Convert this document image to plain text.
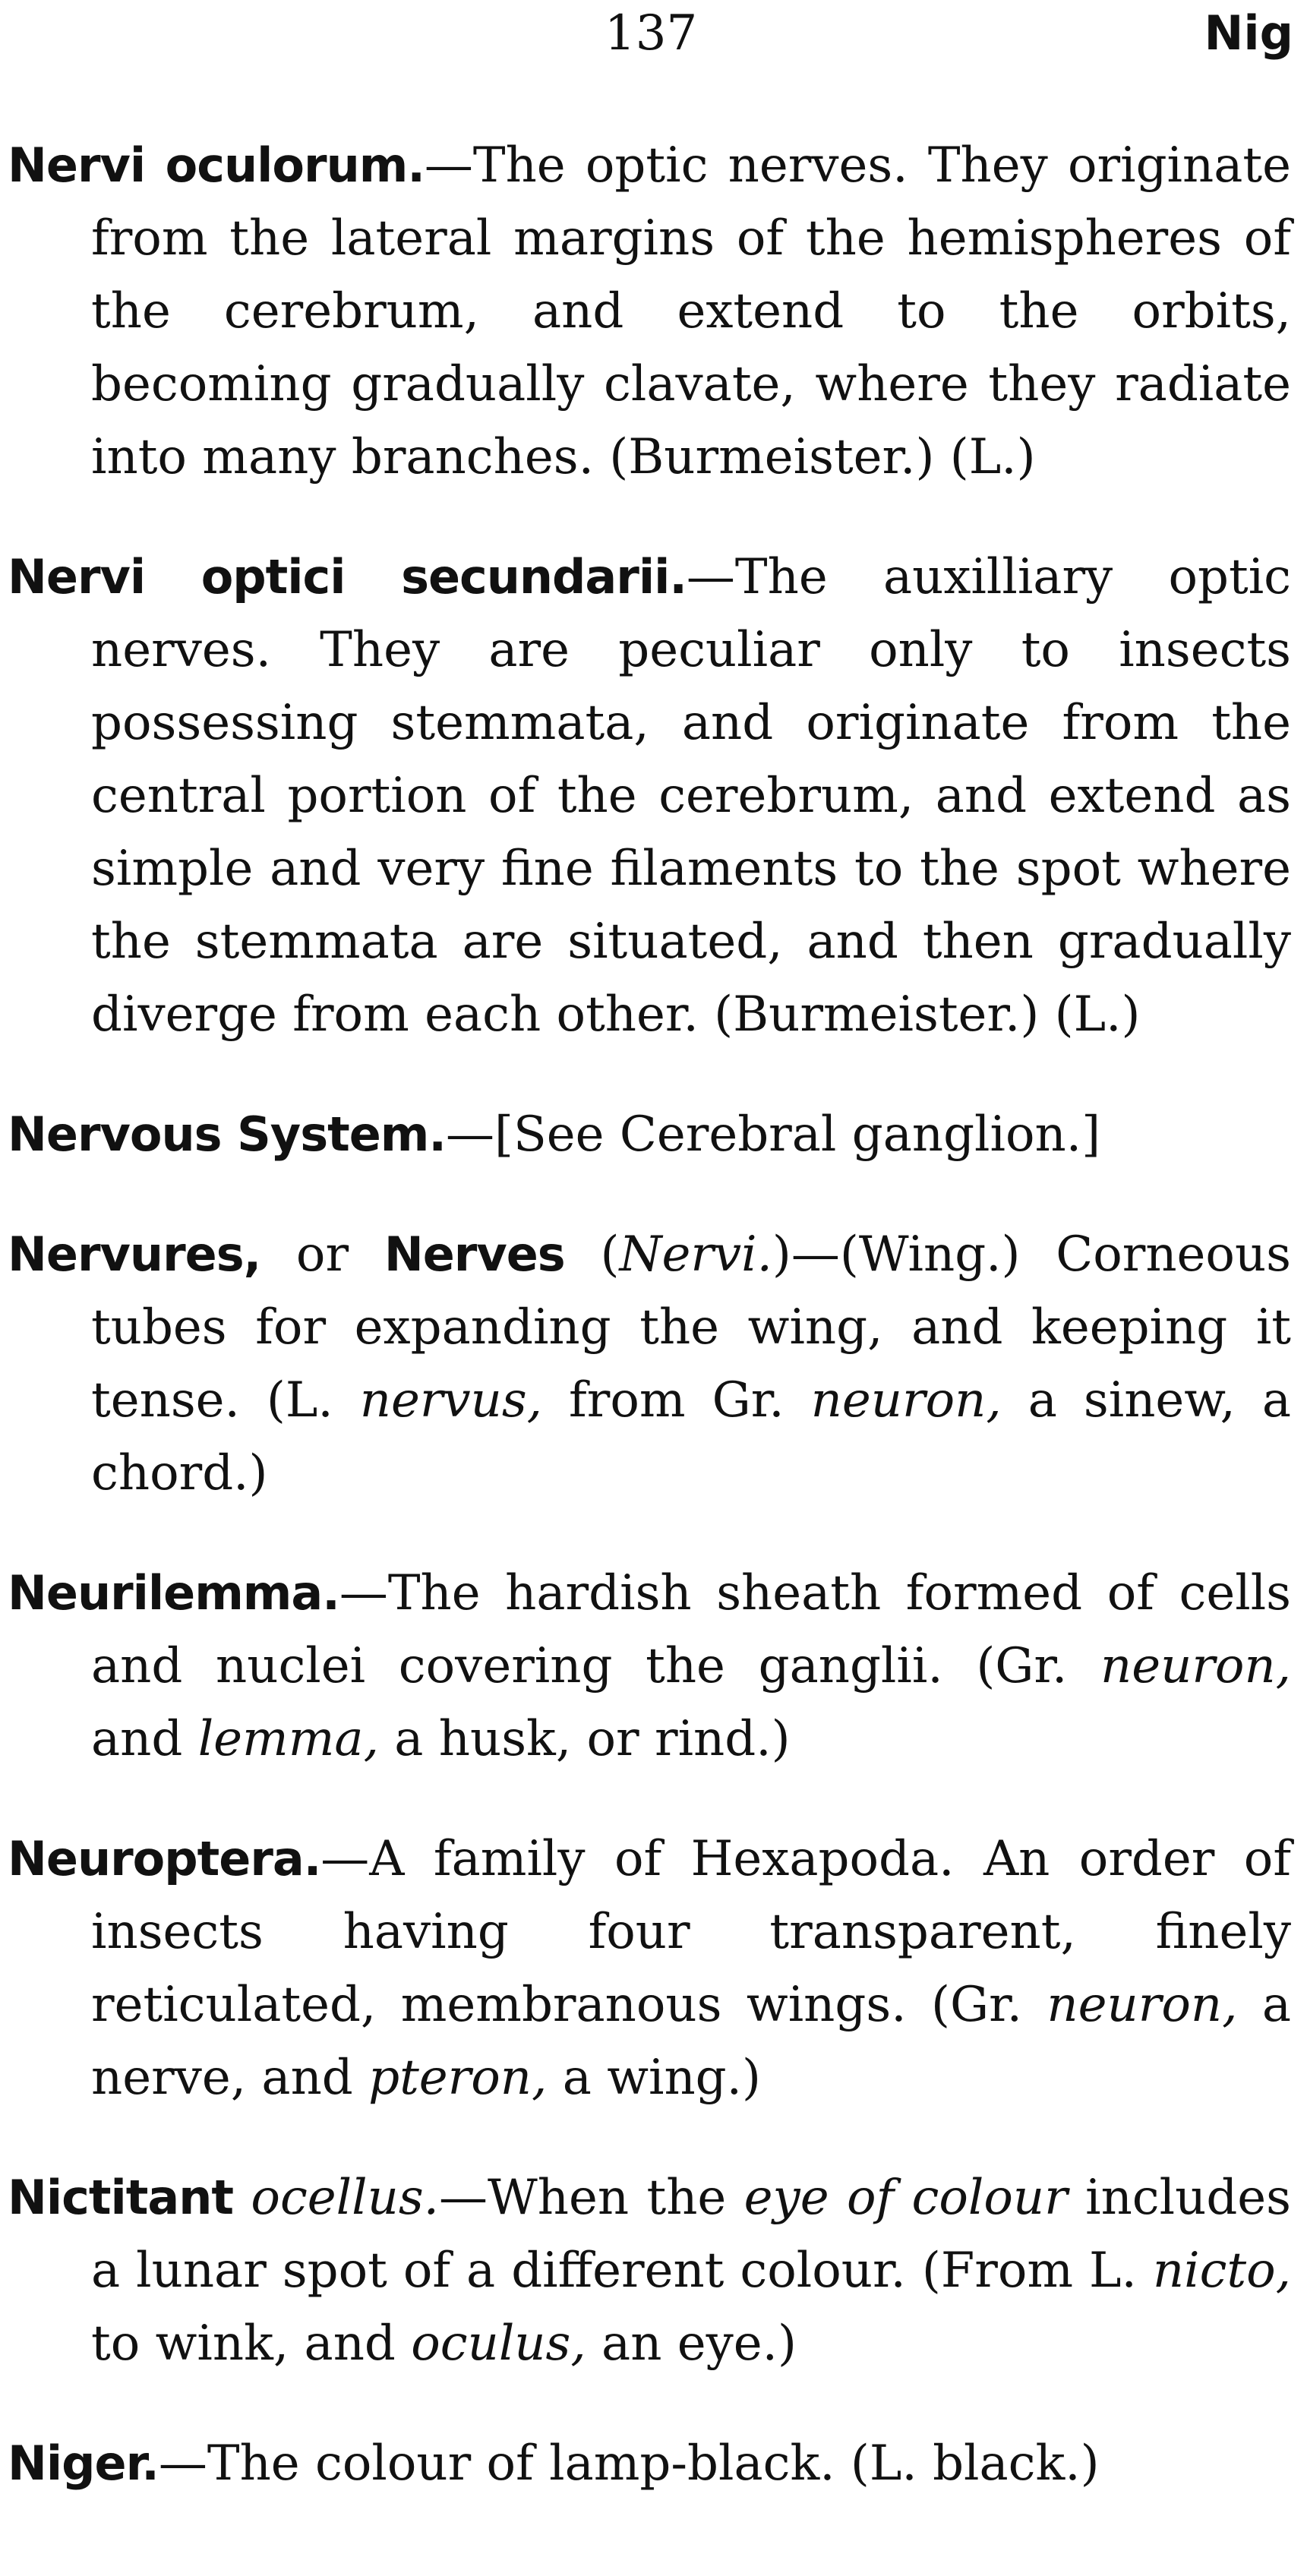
137	Nig

Nervi oculorum.—The optic nerves. They originate from the lateral margins of the hemispheres of the cerebrum, and extend to the orbits, becoming gradually clavate, where they radiate into many branches. (Burmeister.) (L.)

Nervi optici secundarii.—The auxilliary optic nerves. They are peculiar only to insects possessing stemmata, and originate from the central portion of the cerebrum, and extend as simple and very fine filaments to the spot where the stemmata are situated, and then gradually diverge from each other. (Burmeister.) (L.)

Nervous System.—[See Cerebral ganglion.]

Nervures, or Nerves (Nervi.)—(Wing.) Corneous tubes for expanding the wing, and keeping it tense. (L. nervus, from Gr. neuron, a sinew, a chord.)

Neurilemma.—The hardish sheath formed of cells and nuclei covering the ganglii. (Gr. neuron, and lemma, a husk, or rind.)

Neuroptera.—A family of Hexapoda. An order of insects having four transparent, finely reticulated, membranous wings. (Gr. neuron, a nerve, and pteron, a wing.)

Nictitant ocellus.—When the eye of colour includes a lunar spot of a different colour. (From L. nicto, to wink, and oculus, an eye.)

Niger.—The colour of lamp-black. (L. black.)
